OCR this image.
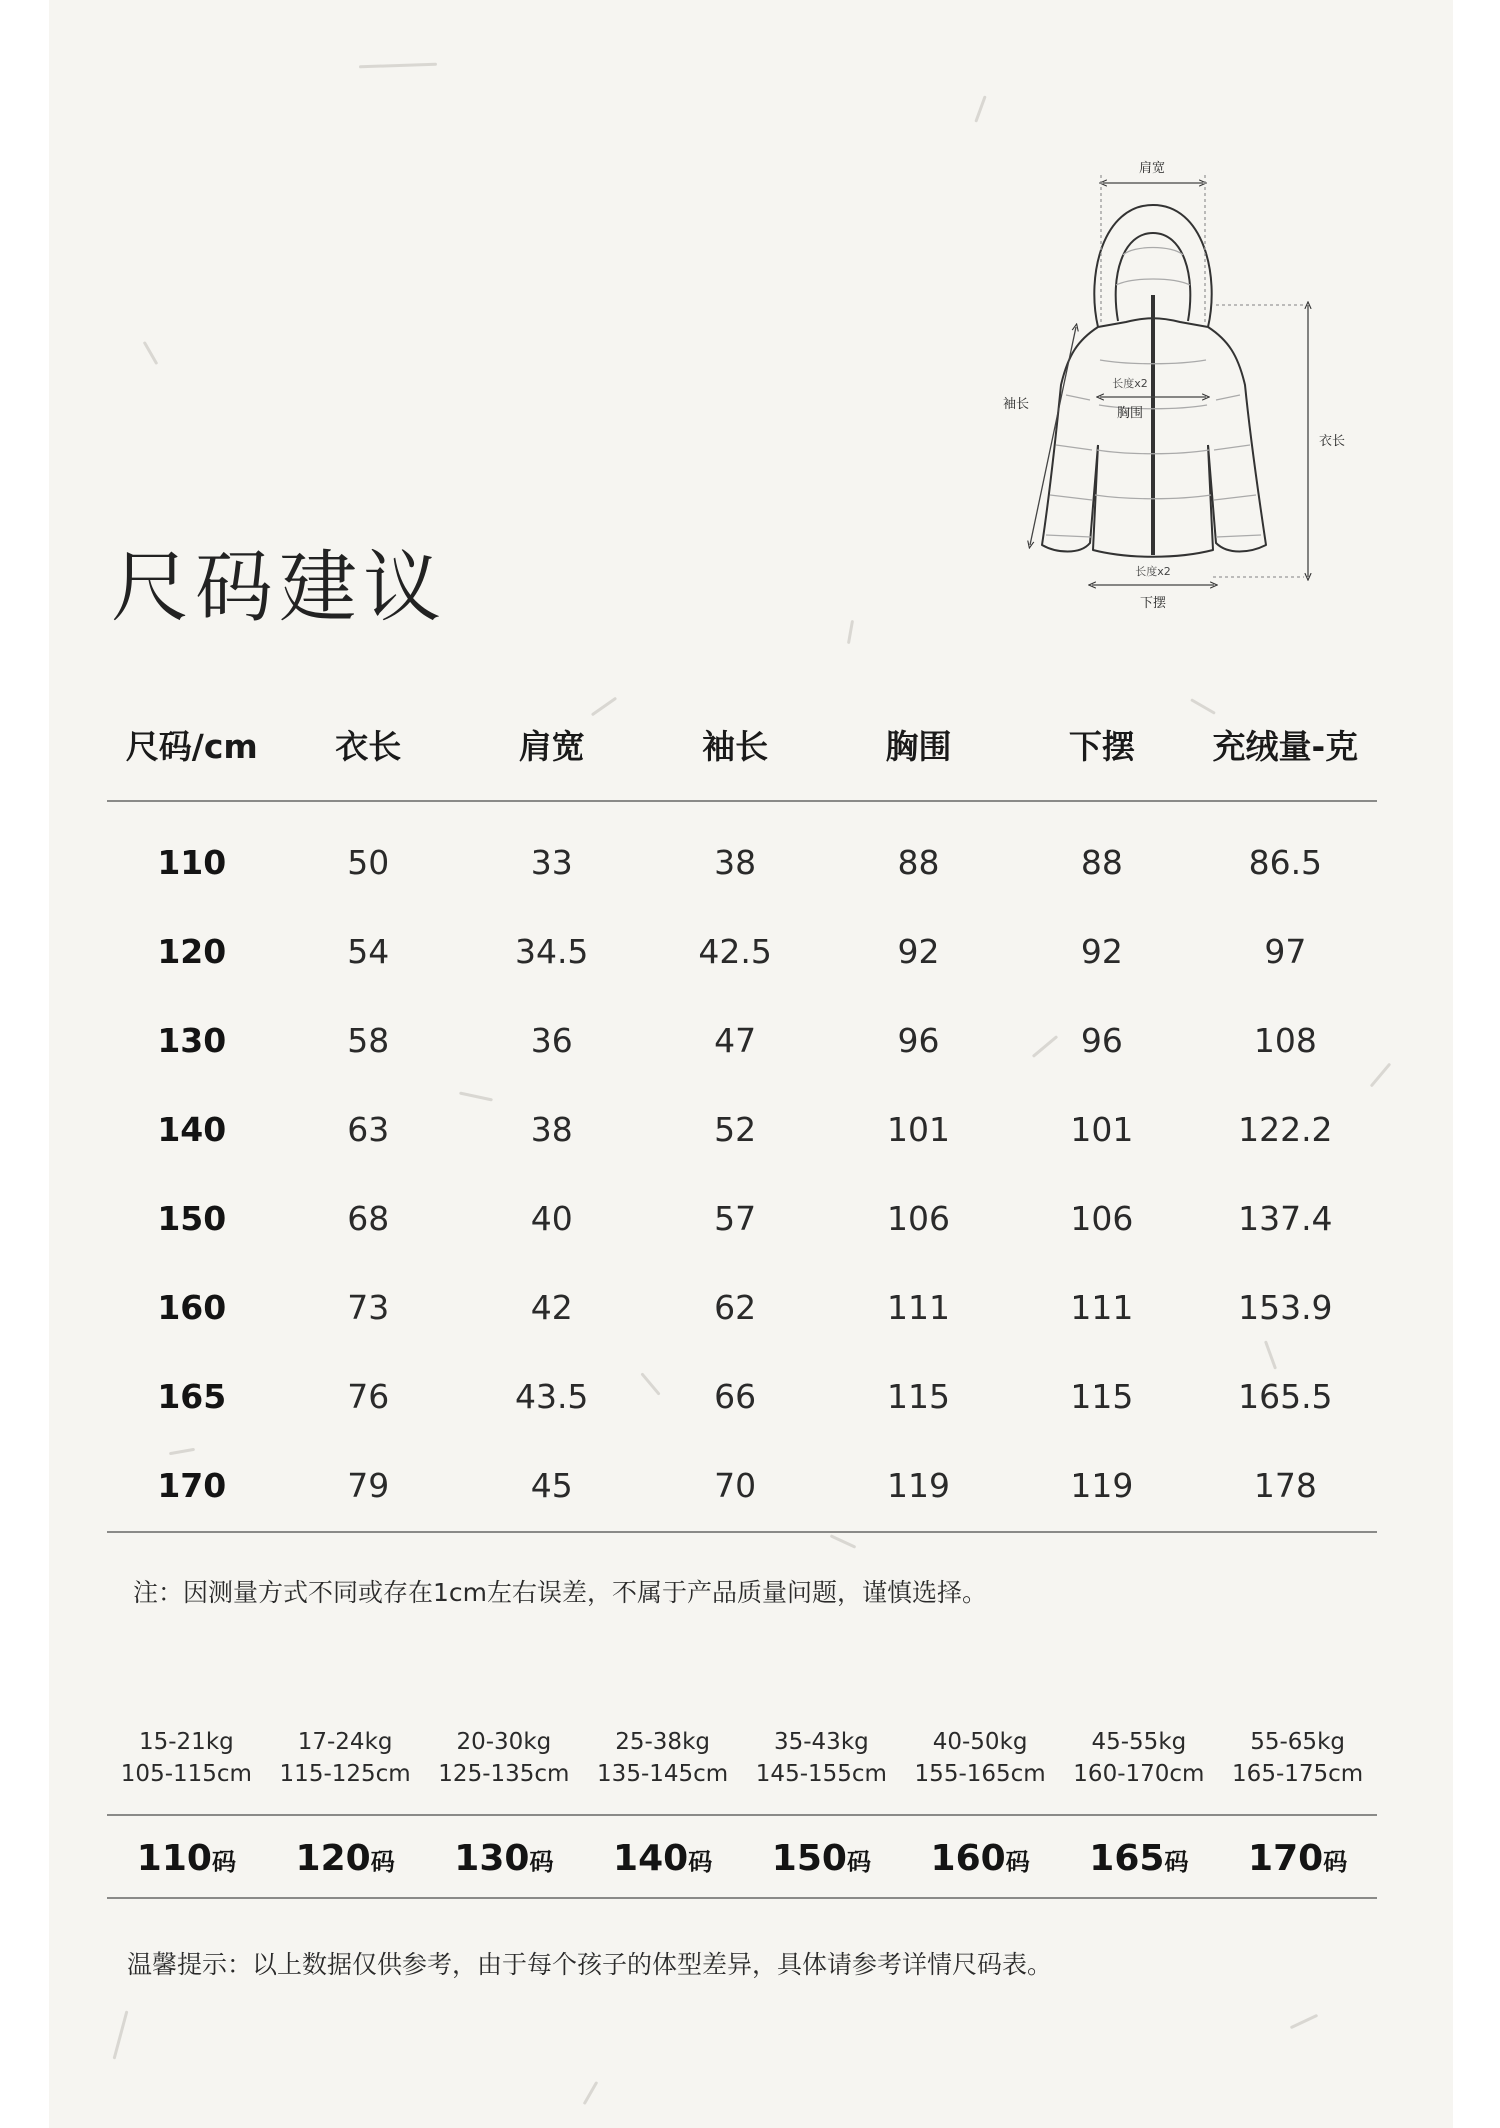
尺码建议
肩宽
袖长
衣长
长度x2
胸围
长度x2
下摆
尺码/cm	衣长	肩宽	袖长	胸围	下摆	充绒量-克
110	50	33	38	88	88	86.5
120	54	34.5	42.5	92	92	97
130	58	36	47	96	96	108
140	63	38	52	101	101	122.2
150	68	40	57	106	106	137.4
160	73	42	62	111	111	153.9
165	76	43.5	66	115	115	165.5
170	79	45	70	119	119	178
注：因测量方式不同或存在1cm左右误差，不属于产品质量问题，谨慎选择。
15-21kg	17-24kg	20-30kg	25-38kg	35-43kg	40-50kg	45-55kg	55-65kg
105-115cm	115-125cm	125-135cm	135-145cm	145-155cm	155-165cm	160-170cm	165-175cm
110码	120码	130码	140码	150码	160码	165码	170码
温馨提示：以上数据仅供参考，由于每个孩子的体型差异，具体请参考详情尺码表。
